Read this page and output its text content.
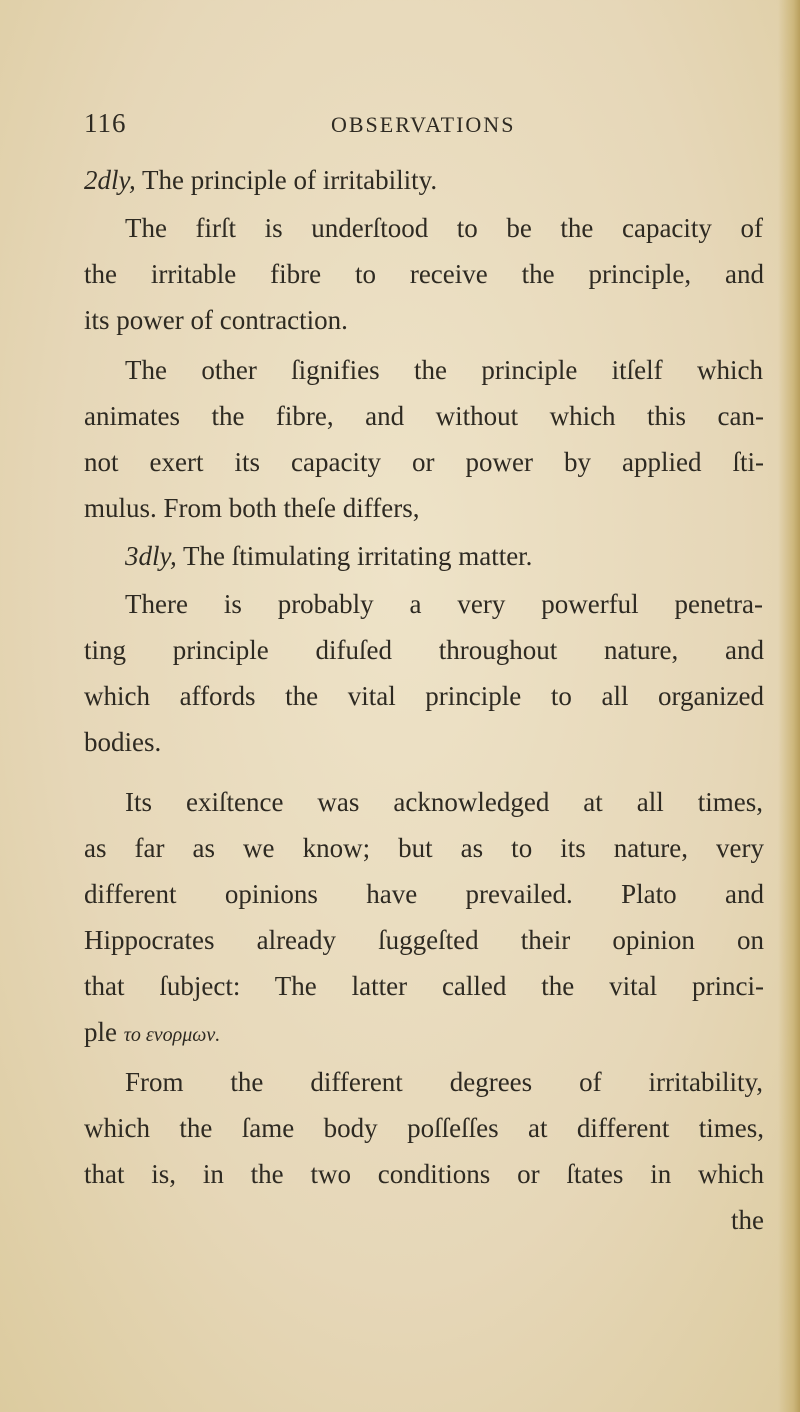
116	OBSERVATIONS
2dly, The principle of irritability.
The firſt is underſtood to be the capacity of
the irritable fibre to receive the principle, and
its power of contraction.
The other ſignifies the principle itſelf which
animates the fibre, and without which this can-
not exert its capacity or power by applied ſti-
mulus. From both theſe differs,
3dly, The ſtimulating irritating matter.
There is probably a very powerful penetra-
ting principle difuſed throughout nature, and
which affords the vital principle to all organized
bodies.
Its exiſtence was acknowledged at all times,
as far as we know; but as to its nature, very
different opinions have prevailed. Plato and
Hippocrates already ſuggeſted their opinion on
that ſubject: The latter called the vital princi-
ple το ενορμων.
From the different degrees of irritability,
which the ſame body poſſeſſes at different times,
that is, in the two conditions or ſtates in which
the
